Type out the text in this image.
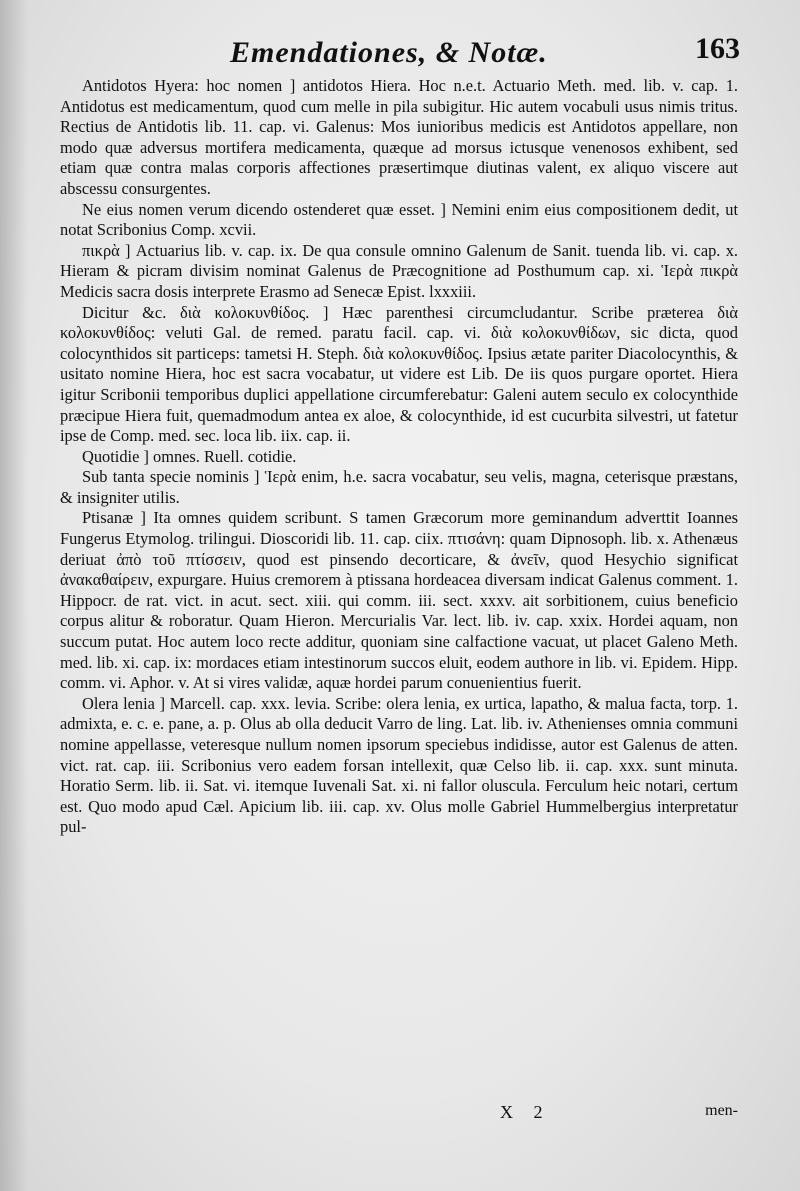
Emendationes, & Notæ.	163

Antidotos Hyera: hoc nomen ] antidotos Hiera. Hoc n.e.t. Actuario Meth. med. lib. v. cap. 1. Antidotus est medicamentum, quod cum melle in pila subigitur. Hic autem vocabuli usus nimis tritus. Rectius de Antidotis lib. 11. cap. vi. Galenus: Mos iunioribus medicis est Antidotos appellare, non modo quæ adversus mortifera medicamenta, quæque ad morsus ictusque venenosos exhibent, sed etiam quæ contra malas corporis affectiones præsertimque diutinas valent, ex aliquo viscere aut abscessu consurgentes.

Ne eius nomen verum dicendo ostenderet quæ esset. ] Nemini enim eius compositionem dedit, ut notat Scribonius Comp. xcvii.

πικρὰ ] Actuarius lib. v. cap. ix. De qua consule omnino Galenum de Sanit. tuenda lib. vi. cap. x. Hieram & picram divisim nominat Galenus de Præcognitione ad Posthumum cap. xi. Ἱερὰ πικρὰ Medicis sacra dosis interprete Erasmo ad Senecæ Epist. lxxxiii.

Dicitur &c. διὰ κολοκυνθίδος. ] Hæc parenthesi circumcludantur. Scribe præterea διὰ κολοκυνθίδος: veluti Gal. de remed. paratu facil. cap. vi. διὰ κολοκυνθίδων, sic dicta, quod colocynthidos sit particeps: tametsi H. Steph. διὰ κολοκυνθίδος. Ipsius ætate pariter Diacolocynthis, & usitato nomine Hiera, hoc est sacra vocabatur, ut videre est Lib. De iis quos purgare oportet. Hiera igitur Scribonii temporibus duplici appellatione circumferebatur: Galeni autem seculo ex colocynthide præcipue Hiera fuit, quemadmodum antea ex aloe, & colocynthide, id est cucurbita silvestri, ut fatetur ipse de Comp. med. sec. loca lib. iix. cap. ii.

Quotidie ] omnes. Ruell. cotidie.

Sub tanta specie nominis ] Ἱερὰ enim, h.e. sacra vocabatur, seu velis, magna, ceterisque præstans, & insigniter utilis.

Ptisanæ ] Ita omnes quidem scribunt. S tamen Græcorum more geminandum adverttit Ioannes Fungerus Etymolog. trilingui. Dioscoridi lib. 11. cap. ciix. πτισάνη: quam Dipnosoph. lib. x. Athenæus deriuat ἀπὸ τοῦ πτίσσειν, quod est pinsendo decorticare, & ἀνεῖν, quod Hesychio significat ἀνακαθαίρειν, expurgare. Huius cremorem à ptissana hordeacea diversam indicat Galenus comment. 1. Hippocr. de rat. vict. in acut. sect. xiii. qui comm. iii. sect. xxxv. ait sorbitionem, cuius beneficio corpus alitur & roboratur. Quam Hieron. Mercurialis Var. lect. lib. iv. cap. xxix. Hordei aquam, non succum putat. Hoc autem loco recte additur, quoniam sine calfactione vacuat, ut placet Galeno Meth. med. lib. xi. cap. ix: mordaces etiam intestinorum succos eluit, eodem authore in lib. vi. Epidem. Hipp. comm. vi. Aphor. v. At si vires validæ, aquæ hordei parum conuenientius fuerit.

Olera lenia ] Marcell. cap. xxx. levia. Scribe: olera lenia, ex urtica, lapatho, & malua facta, torp. 1. admixta, e. c. e. pane, a. p. Olus ab olla deducit Varro de ling. Lat. lib. iv. Athenienses omnia communi nomine appellasse, veteresque nullum nomen ipsorum speciebus indidisse, autor est Galenus de atten. vict. rat. cap. iii. Scribonius vero eadem forsan intellexit, quæ Celso lib. ii. cap. xxx. sunt minuta. Horatio Serm. lib. ii. Sat. vi. itemque Iuvenali Sat. xi. ni fallor olusculа. Ferculum heic notari, certum est. Quo modo apud Cæl. Apicium lib. iii. cap. xv. Olus molle Gabriel Hummelbergius interpretatur pul-

X 2	men-
